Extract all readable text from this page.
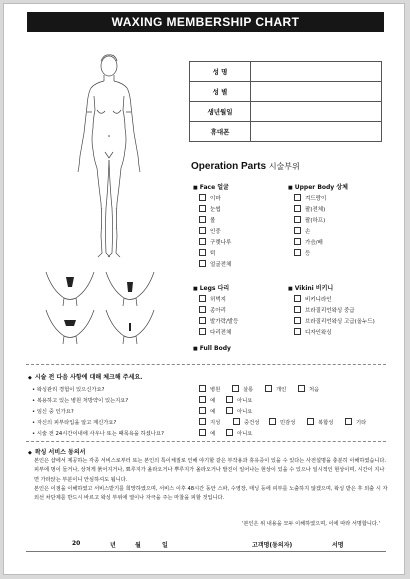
WAXING MEMBERSHIP CHART
성 명	
성 별	
생년월일	
휴대폰	
Operation Parts 시술부위
■ Face 얼굴
이마
눈썹
볼
인중
구렛나루
턱
얼굴전체
■ Upper Body 상체
겨드랑이
팔(전체)
팔(하프)
손
가슴/배
등
■ Legs 다리
허벅지
종아리
발가락/발등
다리전체
■ Vikini 비키니
비키니라인
브라질리언왁싱 중급
브라질리언왁싱 고급(올누드)
디자인왁싱
■ Full Body
◆ 시술 전 다음 사항에 대해 체크해 주세요.
• 왁싱관리 경험이 있으신가요?	병원	살롱	개인	처음
• 복용하고 있는 병원 처방약이 있는지요?	예	아니요
• 임신 중 인가요?	예	아니요
• 자신의 피부타입을 알고 계신가요?	지성	중건성	민감성	복합성	기타
• 시술 전 24시간이내에 사우나 또는 때목욕을 하셨나요?	예	아니요
◆ 왁싱 서비스 동의서

본인은 샵에서 제공하는 각종 서비스로부터 또는 본인의 특이체질로 인해 야기할 같은 부작용과 휴유증이 있을 수 있다는 사전설명을 충분히 이해하였습니다.

피부에 멍이 들거나, 상처게 붉어지거나, 뾰루지가 올라오거나 뿌루지가 올라오거나 발진이 일어나는 현상이 있을 수 있으나 일시적인 현상이며, 시간이 지나면 가라앉는 부분이니 안심하셔도 됩니다.

본인은 이점을 이해하였고 서비스받기를 희망하였으며, 서비스 이후 48시간 동안 스파, 수영장, 태닝 등에 피부를 노출하지 않겠으며, 왁싱 받은 후 외출 시 자외선 차단제를 반드시 바르고 왁싱 부위에 열이나 자극을 주는 마찰을 피할 것입니다.

'본인은 위 내용을 모두 이해하였으며, 이에 따라 서명합니다.'
20	년	월	일	고객명(동의자)	서명
